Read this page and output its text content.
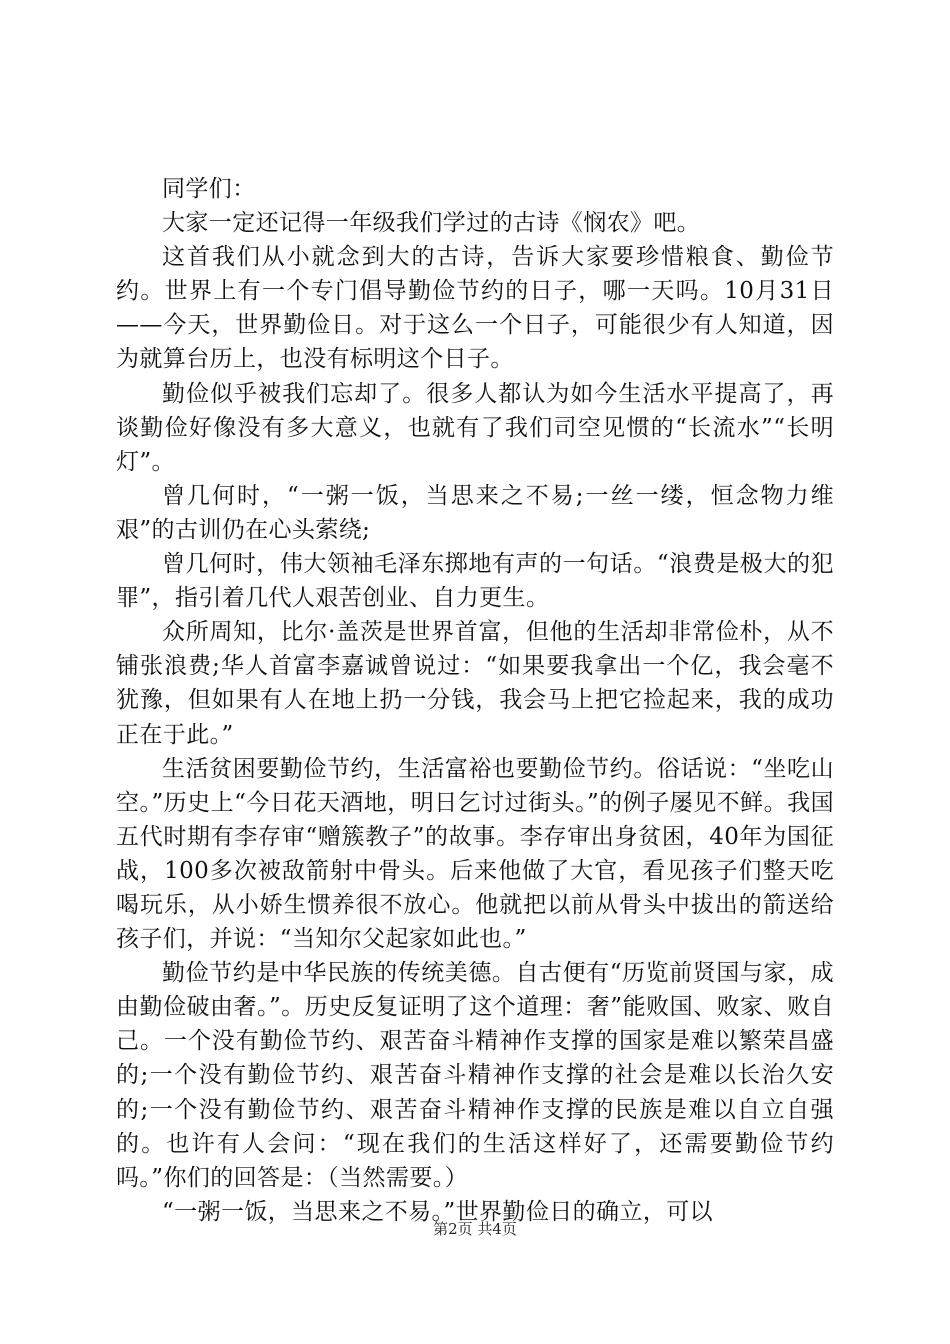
同学们：

大家一定还记得一年级我们学过的古诗《悯农》吧。

这首我们从小就念到大的古诗，告诉大家要珍惜粮食、勤俭节约。世界上有一个专门倡导勤俭节约的日子，哪一天吗。10月31日——今天，世界勤俭日。对于这么一个日子，可能很少有人知道，因为就算台历上，也没有标明这个日子。

勤俭似乎被我们忘却了。很多人都认为如今生活水平提高了，再谈勤俭好像没有多大意义，也就有了我们司空见惯的“长流水”“长明灯”。

曾几何时，“一粥一饭，当思来之不易;一丝一缕，恒念物力维艰”的古训仍在心头萦绕;

曾几何时，伟大领袖毛泽东掷地有声的一句话。“浪费是极大的犯罪”，指引着几代人艰苦创业、自力更生。

众所周知，比尔·盖茨是世界首富，但他的生活却非常俭朴，从不铺张浪费;华人首富李嘉诚曾说过：“如果要我拿出一个亿，我会毫不犹豫，但如果有人在地上扔一分钱，我会马上把它捡起来，我的成功正在于此。”

生活贫困要勤俭节约，生活富裕也要勤俭节约。俗话说：“坐吃山空。”历史上“今日花天酒地，明日乞讨过街头。”的例子屡见不鲜。我国五代时期有李存审“赠簇教子”的故事。李存审出身贫困，40年为国征战，100多次被敌箭射中骨头。后来他做了大官，看见孩子们整天吃喝玩乐，从小娇生惯养很不放心。他就把以前从骨头中拔出的箭送给孩子们，并说：“当知尔父起家如此也。”

勤俭节约是中华民族的传统美德。自古便有“历览前贤国与家，成由勤俭破由奢。”。历史反复证明了这个道理：奢”能败国、败家、败自己。一个没有勤俭节约、艰苦奋斗精神作支撑的国家是难以繁荣昌盛的;一个没有勤俭节约、艰苦奋斗精神作支撑的社会是难以长治久安的;一个没有勤俭节约、艰苦奋斗精神作支撑的民族是难以自立自强的。也许有人会问：“现在我们的生活这样好了，还需要勤俭节约吗。”你们的回答是：（当然需要。）

“一粥一饭，当思来之不易。”世界勤俭日的确立，可以

第2页 共4页
